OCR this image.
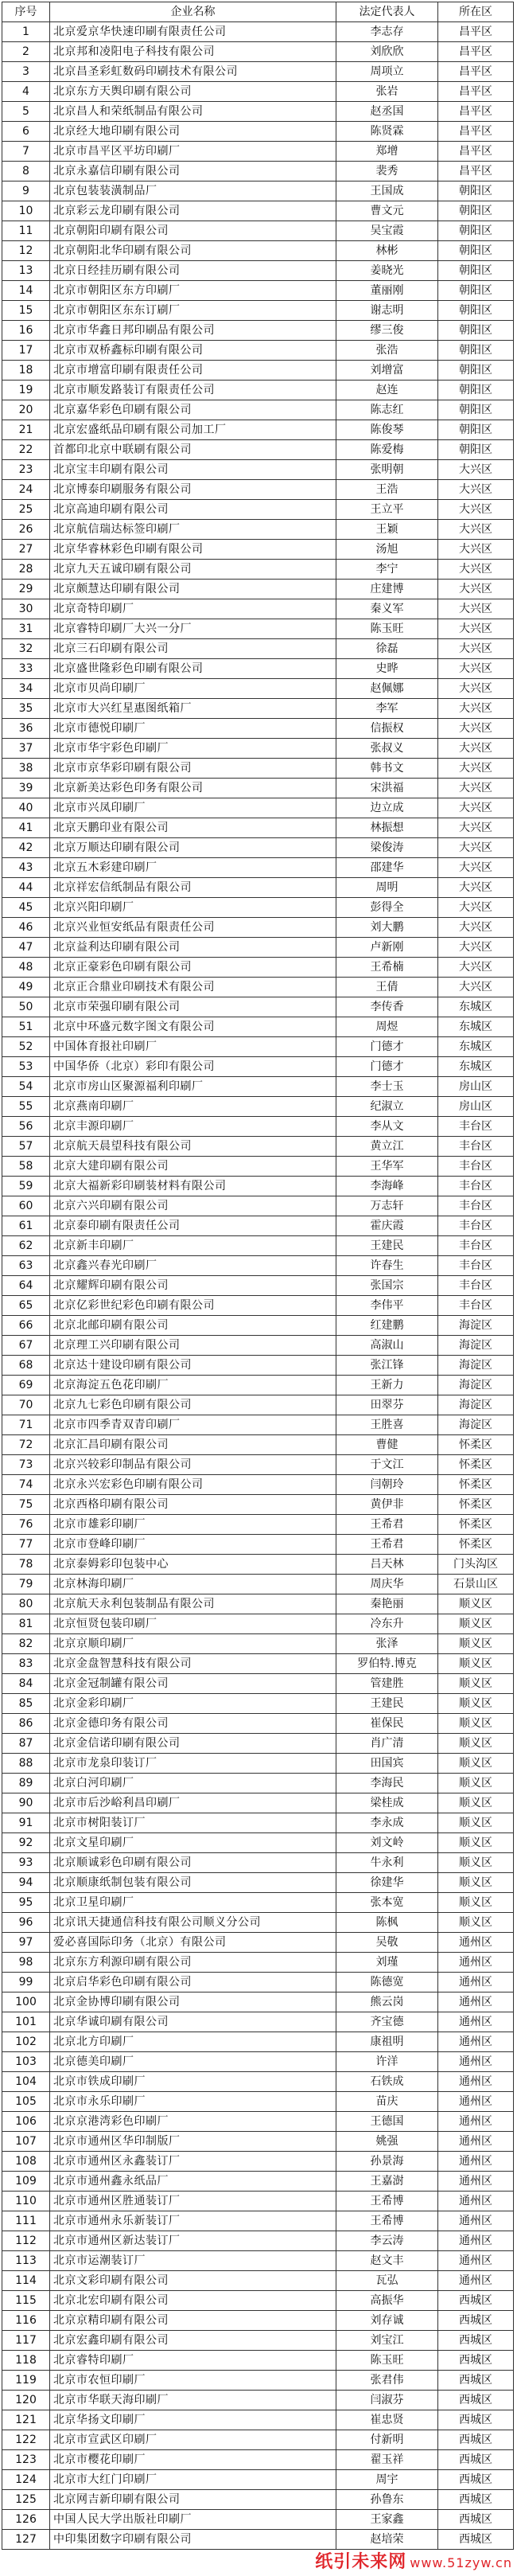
序号	企业名称	法定代表人	所在区
1	北京爱京华快速印刷有限责任公司	李志存	昌平区
2	北京邦和凌阳电子科技有限公司	刘欣欣	昌平区
3	北京昌圣彩虹数码印刷技术有限公司	周项立	昌平区
4	北京东方天舆印刷有限公司	张岩	昌平区
5	北京昌人和荣纸制品有限公司	赵丞国	昌平区
6	北京经大地印刷有限公司	陈贤霖	昌平区
7	北京市昌平区平坊印刷厂	郑增	昌平区
8	北京永嘉信印刷有限公司	裴秀	昌平区
9	北京包装装潢制品厂	王国成	朝阳区
10	北京彩云龙印刷有限公司	曹文元	朝阳区
11	北京朝阳印刷有限公司	吴宝霞	朝阳区
12	北京朝阳北华印刷有限公司	林彬	朝阳区
13	北京日经挂历刷有限公司	姜晓光	朝阳区
14	北京市朝阳区东方印刷厂	董丽刚	朝阳区
15	北京市朝阳区东东订刷厂	谢志明	朝阳区
16	北京市华鑫日邦印刷品有限公司	缪三俊	朝阳区
17	北京市双桥鑫标印刷有限公司	张浩	朝阳区
18	北京市增富印刷有限责任公司	刘增富	朝阳区
19	北京市顺发路装订有限责任公司	赵连	朝阳区
20	北京嘉华彩色印刷有限公司	陈志红	朝阳区
21	北京宏盛纸品印刷有限公司加工厂	陈俊琴	朝阳区
22	首都印北京中联刷有限公司	陈爱梅	朝阳区
23	北京宝丰印刷有限公司	张明朝	大兴区
24	北京博泰印刷服务有限公司	王浩	大兴区
25	北京高迪印刷有限公司	王立平	大兴区
26	北京航信瑞达标签印刷厂	王颖	大兴区
27	北京华睿林彩色印刷有限公司	汤旭	大兴区
28	北京九天五诚印刷有限公司	李宁	大兴区
29	北京颇慧达印刷有限公司	庄建博	大兴区
30	北京奇特印刷厂	秦义军	大兴区
31	北京睿特印刷厂大兴一分厂	陈玉旺	大兴区
32	北京三石印刷有限公司	徐磊	大兴区
33	北京盛世隆彩色印刷有限公司	史晔	大兴区
34	北京市贝尚印刷厂	赵佩娜	大兴区
35	北京市大兴红星惠图纸箱厂	李军	大兴区
36	北京市德悦印刷厂	信振权	大兴区
37	北京市华宇彩色印刷厂	张叔义	大兴区
38	北京市京华彩印刷有限公司	韩书文	大兴区
39	北京新美达彩色印务有限公司	宋洪福	大兴区
40	北京市兴凤印刷厂	边立成	大兴区
41	北京天鹏印业有限公司	林振想	大兴区
42	北京万顺达印刷有限公司	梁俊涛	大兴区
43	北京五木彩建印刷厂	邵建华	大兴区
44	北京祥宏信纸制品有限公司	周明	大兴区
45	北京兴阳印刷厂	彭得全	大兴区
46	北京兴业恒安纸品有限责任公司	刘大鹏	大兴区
47	北京益利达印刷有限公司	卢新刚	大兴区
48	北京正豪彩色印刷有限公司	王希楠	大兴区
49	北京正合鼎业印刷技术有限公司	王倩	大兴区
50	北京市荣强印刷有限公司	李传香	东城区
51	北京中环盛元数字图文有限公司	周煜	东城区
52	中国体育报社印刷厂	门德才	东城区
53	中国华侨（北京）彩印有限公司	门德才	东城区
54	北京市房山区聚源福利印刷厂	李士玉	房山区
55	北京燕南印刷厂	纪淑立	房山区
56	北京丰源印刷厂	李从文	丰台区
57	北京航天晨望科技有限公司	黄立江	丰台区
58	北京大建印刷有限公司	王华军	丰台区
59	北京大福新彩印刷装材料有限公司	李海峰	丰台区
60	北京六兴印刷有限公司	万志轩	丰台区
61	北京泰印刷有限责任公司	霍庆霞	丰台区
62	北京新丰印刷厂	王建民	丰台区
63	北京鑫兴春光印刷厂	许春生	丰台区
64	北京耀辉印刷有限公司	张国宗	丰台区
65	北京亿彩世纪彩色印刷有限公司	李伟平	丰台区
66	北京北邮印刷有限公司	红建鹏	海淀区
67	北京理工兴印刷有限公司	高淑山	海淀区
68	北京达十建设印刷有限公司	张江锋	海淀区
69	北京海淀五色花印刷厂	王新力	海淀区
70	北京九七彩色印刷有限公司	田翠芬	海淀区
71	北京市四季青双青印刷厂	王胜喜	海淀区
72	北京汇昌印刷有限公司	曹健	怀柔区
73	北京兴较彩印制品有限公司	于文江	怀柔区
74	北京永兴宏彩色印刷有限公司	闫朝玲	怀柔区
75	北京西格印刷有限公司	黄伊非	怀柔区
76	北京市雄彩印刷厂	王希君	怀柔区
77	北京市登峰印刷厂	王希君	怀柔区
78	北京泰姆彩印包装中心	吕天林	门头沟区
79	北京林海印刷厂	周庆华	石景山区
80	北京航天永利包装制品有限公司	秦艳丽	顺义区
81	北京恒贤包装印刷厂	冷东升	顺义区
82	北京京顺印刷厂	张泽	顺义区
83	北京金盘智慧科技有限公司	罗伯特.博克	顺义区
84	北京金冠制罐有限公司	管建胜	顺义区
85	北京金彩印刷厂	王建民	顺义区
86	北京金德印务有限公司	崔保民	顺义区
87	北京金信诺印刷有限公司	肖广清	顺义区
88	北京市龙泉印装订厂	田国宾	顺义区
89	北京白河印刷厂	李海民	顺义区
90	北京市后沙峪利昌印刷厂	梁桂成	顺义区
91	北京市树阳装订厂	李永成	顺义区
92	北京文星印刷厂	刘文岭	顺义区
93	北京顺诚彩色印刷有限公司	牛永利	顺义区
94	北京顺康纸制包装有限公司	徐建华	顺义区
95	北京卫星印刷厂	张本宽	顺义区
96	北京讯天捷通信科技有限公司顺义分公司	陈枫	顺义区
97	爱必喜国际印务（北京）有限公司	吴敬	通州区
98	北京东方利源印刷有限公司	刘瑾	通州区
99	北京启华彩色印刷有限公司	陈德宽	通州区
100	北京金协博印刷有限公司	熊云岗	通州区
101	北京华诚印刷有限公司	齐宝德	通州区
102	北京北方印刷厂	康祖明	通州区
103	北京德美印刷厂	许洋	通州区
104	北京市铁成印刷厂	石铁成	通州区
105	北京市永乐印刷厂	苗庆	通州区
106	北京京港湾彩色印刷厂	王德国	通州区
107	北京市通州区华印制版厂	姚强	通州区
108	北京市通州区永鑫装订厂	孙景海	通州区
109	北京市通州鑫永纸品厂	王嘉澍	通州区
110	北京市通州区胜通装订厂	王希博	通州区
111	北京市通州永乐新装订厂	王希博	通州区
112	北京市通州区新达装订厂	李云涛	通州区
113	北京市运潮装订厂	赵文丰	通州区
114	北京文彩印刷有限公司	瓦弘	通州区
115	北京北宏印刷有限公司	高振华	西城区
116	北京京精印刷有限公司	刘存诚	西城区
117	北京宏鑫印刷有限公司	刘宝江	西城区
118	北京睿特印刷厂	陈玉旺	西城区
119	北京市农恒印刷厂	张君伟	西城区
120	北京市华联天海印刷厂	闫淑芬	西城区
121	北京华扬文印刷厂	崔忠贤	西城区
122	北京市宣武区印刷厂	付新明	西城区
123	北京市樱花印刷厂	翟玉祥	西城区
124	北京市大红门印刷厂	周宇	西城区
125	北京网吉新印刷有限公司	孙鲁东	西城区
126	中国人民大学出版社印刷厂	王家鑫	西城区
127	中印集团数字印刷有限公司	赵培荣	西城区
纸引未来网 www.51zyw.cn
